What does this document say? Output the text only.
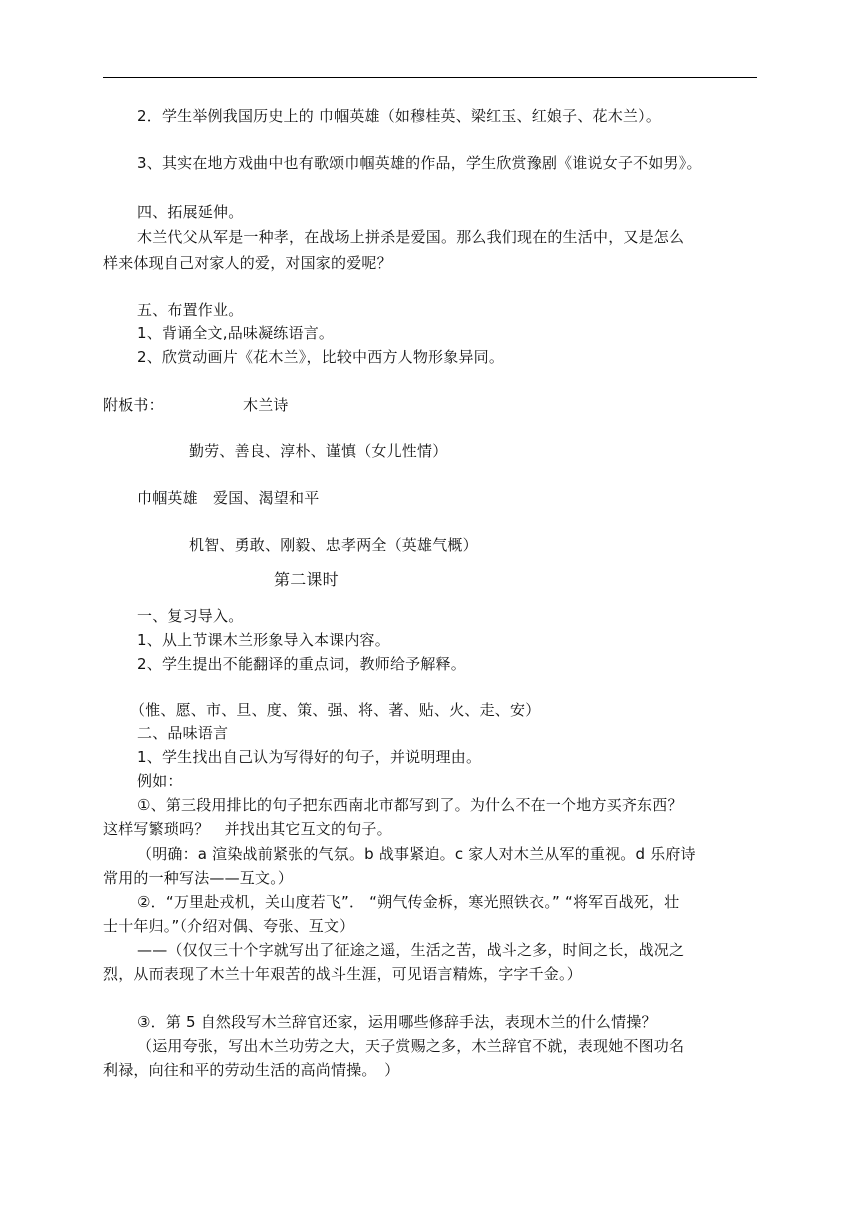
2．学生举例我国历史上的 巾帼英雄（如穆桂英、梁红玉、红娘子、花木兰）。
3、其实在地方戏曲中也有歌颂巾帼英雄的作品，学生欣赏豫剧《谁说女子不如男》。
四、拓展延伸。
木兰代父从军是一种孝，在战场上拼杀是爱国。那么我们现在的生活中，又是怎么
样来体现自己对家人的爱，对国家的爱呢？
五、布置作业。
1、背诵全文,品味凝练语言。
2、欣赏动画片《花木兰》，比较中西方人物形象异同。
附板书：	木兰诗
勤劳、善良、淳朴、谨慎（女儿性情）
巾帼英雄　爱国、渴望和平
机智、勇敢、刚毅、忠孝两全（英雄气概）
第二课时
一、复习导入。
1、从上节课木兰形象导入本课内容。
2、学生提出不能翻译的重点词，教师给予解释。
（惟、愿、市、旦、度、策、强、将、著、贴、火、走、安）
二、品味语言
1、学生找出自己认为写得好的句子，并说明理由。
例如：
①、第三段用排比的句子把东西南北市都写到了。为什么不在一个地方买齐东西？
这样写繁琐吗？　并找出其它互文的句子。
（明确：a 渲染战前紧张的气氛。b 战事紧迫。c 家人对木兰从军的重视。d 乐府诗
常用的一种写法——互文。）
②．“万里赴戎机，关山度若飞”． “朔气传金柝，寒光照铁衣。” “将军百战死，壮
士十年归。”（介绍对偶、夸张、互文）
——（仅仅三十个字就写出了征途之遥，生活之苦，战斗之多，时间之长，战况之
烈，从而表现了木兰十年艰苦的战斗生涯，可见语言精炼，字字千金。）
③．第 5 自然段写木兰辞官还家，运用哪些修辞手法，表现木兰的什么情操？
（运用夸张，写出木兰功劳之大，天子赏赐之多，木兰辞官不就，表现她不图功名
利禄，向往和平的劳动生活的高尚情操。　）
